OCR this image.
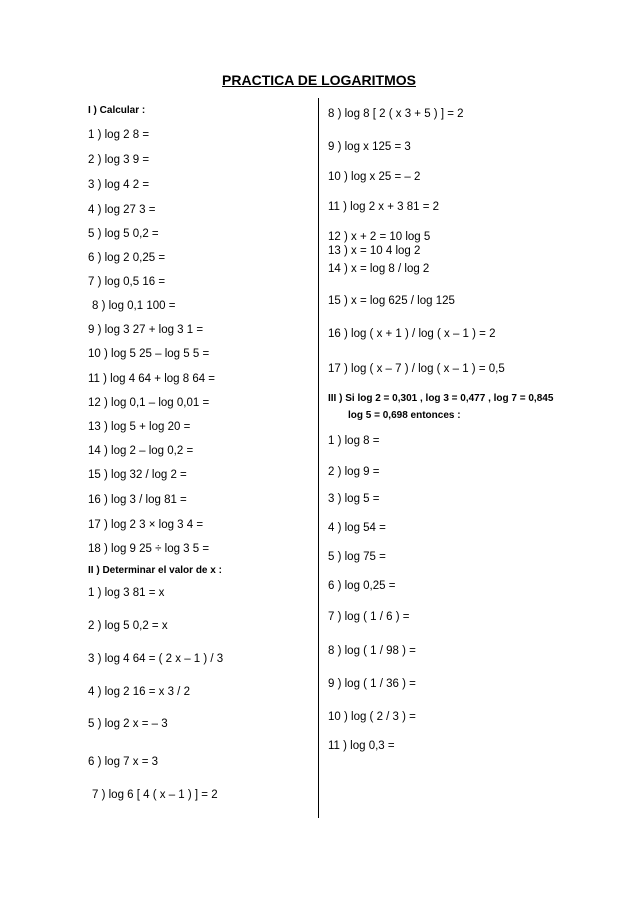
PRACTICA DE LOGARITMOS
I ) Calcular :
1 ) log 2 8 =
2 ) log 3 9 =
3 ) log 4 2 =
4 ) log 27 3 =
5 ) log 5 0,2 =
6 ) log 2 0,25 =
7 ) log 0,5 16 =
8 ) log 0,1 100 =
9 ) log 3 27 + log 3 1 =
10 ) log 5 25 – log 5 5 =
11 ) log 4 64 + log 8 64 =
12 ) log 0,1 – log 0,01 =
13 ) log 5 + log 20 =
14 ) log 2 – log 0,2 =
15 ) log 32 / log 2 =
16 ) log 3 / log 81 =
17 ) log 2 3 × log 3 4 =
18 ) log 9 25 ÷ log 3 5 =
II ) Determinar el valor de x :
1 ) log 3 81 = x
2 ) log 5 0,2 = x
3 ) log 4 64 = ( 2 x – 1 ) / 3
4 ) log 2 16 = x 3 / 2
5 ) log 2 x = – 3
6 ) log 7 x = 3
7 ) log 6 [ 4 ( x – 1 ) ] = 2
8 ) log 8 [ 2 ( x 3 + 5 ) ] = 2
9 ) log x 125 = 3
10 ) log x 25 = – 2
11 ) log 2 x + 3 81 = 2
12 ) x + 2 = 10 log 5
13 ) x = 10 4 log 2
14 ) x = log 8 / log 2
15 ) x = log 625 / log 125
16 ) log ( x + 1 ) / log ( x – 1 ) = 2
17 ) log ( x – 7 ) / log ( x – 1 ) = 0,5
III ) Si log 2 = 0,301 , log 3 = 0,477 , log 7 = 0,845
log 5 = 0,698 entonces :
1 ) log 8 =
2 ) log 9 =
3 ) log 5 =
4 ) log 54 =
5 ) log 75 =
6 ) log 0,25 =
7 ) log ( 1 / 6 ) =
8 ) log ( 1 / 98 ) =
9 ) log ( 1 / 36 ) =
10 ) log ( 2 / 3 ) =
11 ) log 0,3 =
